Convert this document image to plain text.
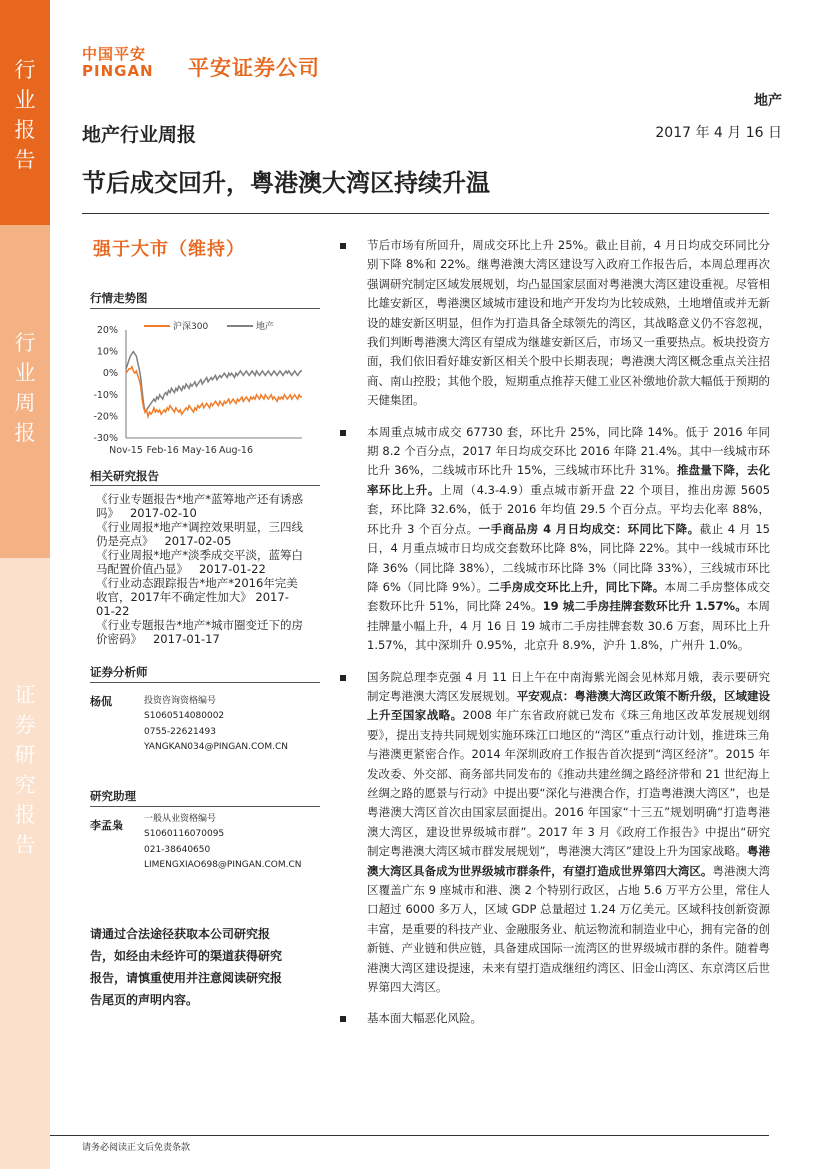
行业报告
行业周报
证券研究报告
中国平安
PINGAN 平安证券公司
地产
地产行业周报	2017 年 4 月 16 日
节后成交回升，粤港澳大湾区持续升温
强于大市（维持）
行情走势图
20%
10%
0%
-10%
-20%
-30%
Nov-15 Feb-16 May-16 Aug-16
沪深300	地产
相关研究报告
《行业专题报告*地产*蓝筹地产还有诱惑吗》 2017-02-10
《行业周报*地产*调控效果明显，三四线仍是亮点》 2017-02-05
《行业周报*地产*淡季成交平淡，蓝筹白马配置价值凸显》 2017-01-22
《行业动态跟踪报告*地产*2016年完美收官，2017年不确定性加大》 2017-01-22
《行业专题报告*地产*城市圈变迁下的房价密码》 2017-01-17
证券分析师
杨侃	投资咨询资格编号
S1060514080002
0755-22621493
YANGKAN034@PINGAN.COM.CN
研究助理
李孟枭 一般从业资格编号
S1060116070095
021-38640650
LIMENGXIAO698@PINGAN.COM.CN
请通过合法途径获取本公司研究报告，如经由未经许可的渠道获得研究报告，请慎重使用并注意阅读研究报告尾页的声明内容。
节后市场有所回升，周成交环比上升 25%。截止目前，4 月日均成交环同比分别下降 8%和 22%。继粤港澳大湾区建设写入政府工作报告后，本周总理再次强调研究制定区域发展规划，均凸显国家层面对粤港澳大湾区建设重视。尽管相比雄安新区，粤港澳区域城市建设和地产开发均为比较成熟，土地增值或并无新设的雄安新区明显，但作为打造具备全球领先的湾区，其战略意义仍不容忽视，我们判断粤港澳大湾区有望成为继雄安新区后，市场又一重要热点。板块投资方面，我们依旧看好雄安新区相关个股中长期表现；粤港澳大湾区概念重点关注招商、南山控股；其他个股，短期重点推荐天健工业区补缴地价款大幅低于预期的天健集团。
本周重点城市成交 67730 套，环比升 25%，同比降 14%。低于 2016 年同期 8.2 个百分点，2017 年日均成交环比 2016 年降 21.4%。其中一线城市环比升 36%，二线城市环比升 15%，三线城市环比升 31%。推盘量下降，去化率环比上升。上周（4.3-4.9）重点城市新开盘 22 个项目，推出房源 5605 套，环比降 32.6%，低于 2016 年均值 29.5 个百分点。平均去化率 88%，环比升 3 个百分点。一手商品房 4 月日均成交：环同比下降。截止 4 月 15 日，4 月重点城市日均成交套数环比降 8%，同比降 22%。其中一线城市环比降 36%（同比降 38%），二线城市环比降 3%（同比降 33%），三线城市环比降 6%（同比降 9%）。二手房成交环比上升，同比下降。本周二手房整体成交套数环比升 51%，同比降 24%。19 城二手房挂牌套数环比升 1.57%。本周挂牌量小幅上升，4 月 16 日 19 城市二手房挂牌套数 30.6 万套，周环比上升 1.57%，其中深圳升 0.95%，北京升 8.9%，沪升 1.8%，广州升 1.0%。
国务院总理李克强 4 月 11 日上午在中南海紫光阁会见林郑月娥，表示要研究制定粤港澳大湾区发展规划。平安观点：粤港澳大湾区政策不断升级，区域建设上升至国家战略。2008 年广东省政府就已发布《珠三角地区改革发展规划纲要》，提出支持共同规划实施环珠江口地区的“湾区”重点行动计划，推进珠三角与港澳更紧密合作。2014 年深圳政府工作报告首次提到“湾区经济”。2015 年发改委、外交部、商务部共同发布的《推动共建丝绸之路经济带和 21 世纪海上丝绸之路的愿景与行动》中提出要“深化与港澳合作，打造粤港澳大湾区”，也是粤港澳大湾区首次由国家层面提出。2016 年国家“十三五”规划明确“打造粤港澳大湾区，建设世界级城市群”。2017 年 3 月《政府工作报告》中提出“研究制定粤港澳大湾区城市群发展规划”，粤港澳大湾区”建设上升为国家战略。粤港澳大湾区具备成为世界级城市群条件，有望打造成世界第四大湾区。粤港澳大湾区覆盖广东 9 座城市和港、澳 2 个特别行政区，占地 5.6 万平方公里，常住人口超过 6000 多万人，区域 GDP 总量超过 1.24 万亿美元。区域科技创新资源丰富，是重要的科技产业、金融服务业、航运物流和制造业中心，拥有完备的创新链、产业链和供应链，具备建成国际一流湾区的世界级城市群的条件。随着粤港澳大湾区建设提速，未来有望打造成继纽约湾区、旧金山湾区、东京湾区后世界第四大湾区。
基本面大幅恶化风险。
请务必阅读正文后免责条款
